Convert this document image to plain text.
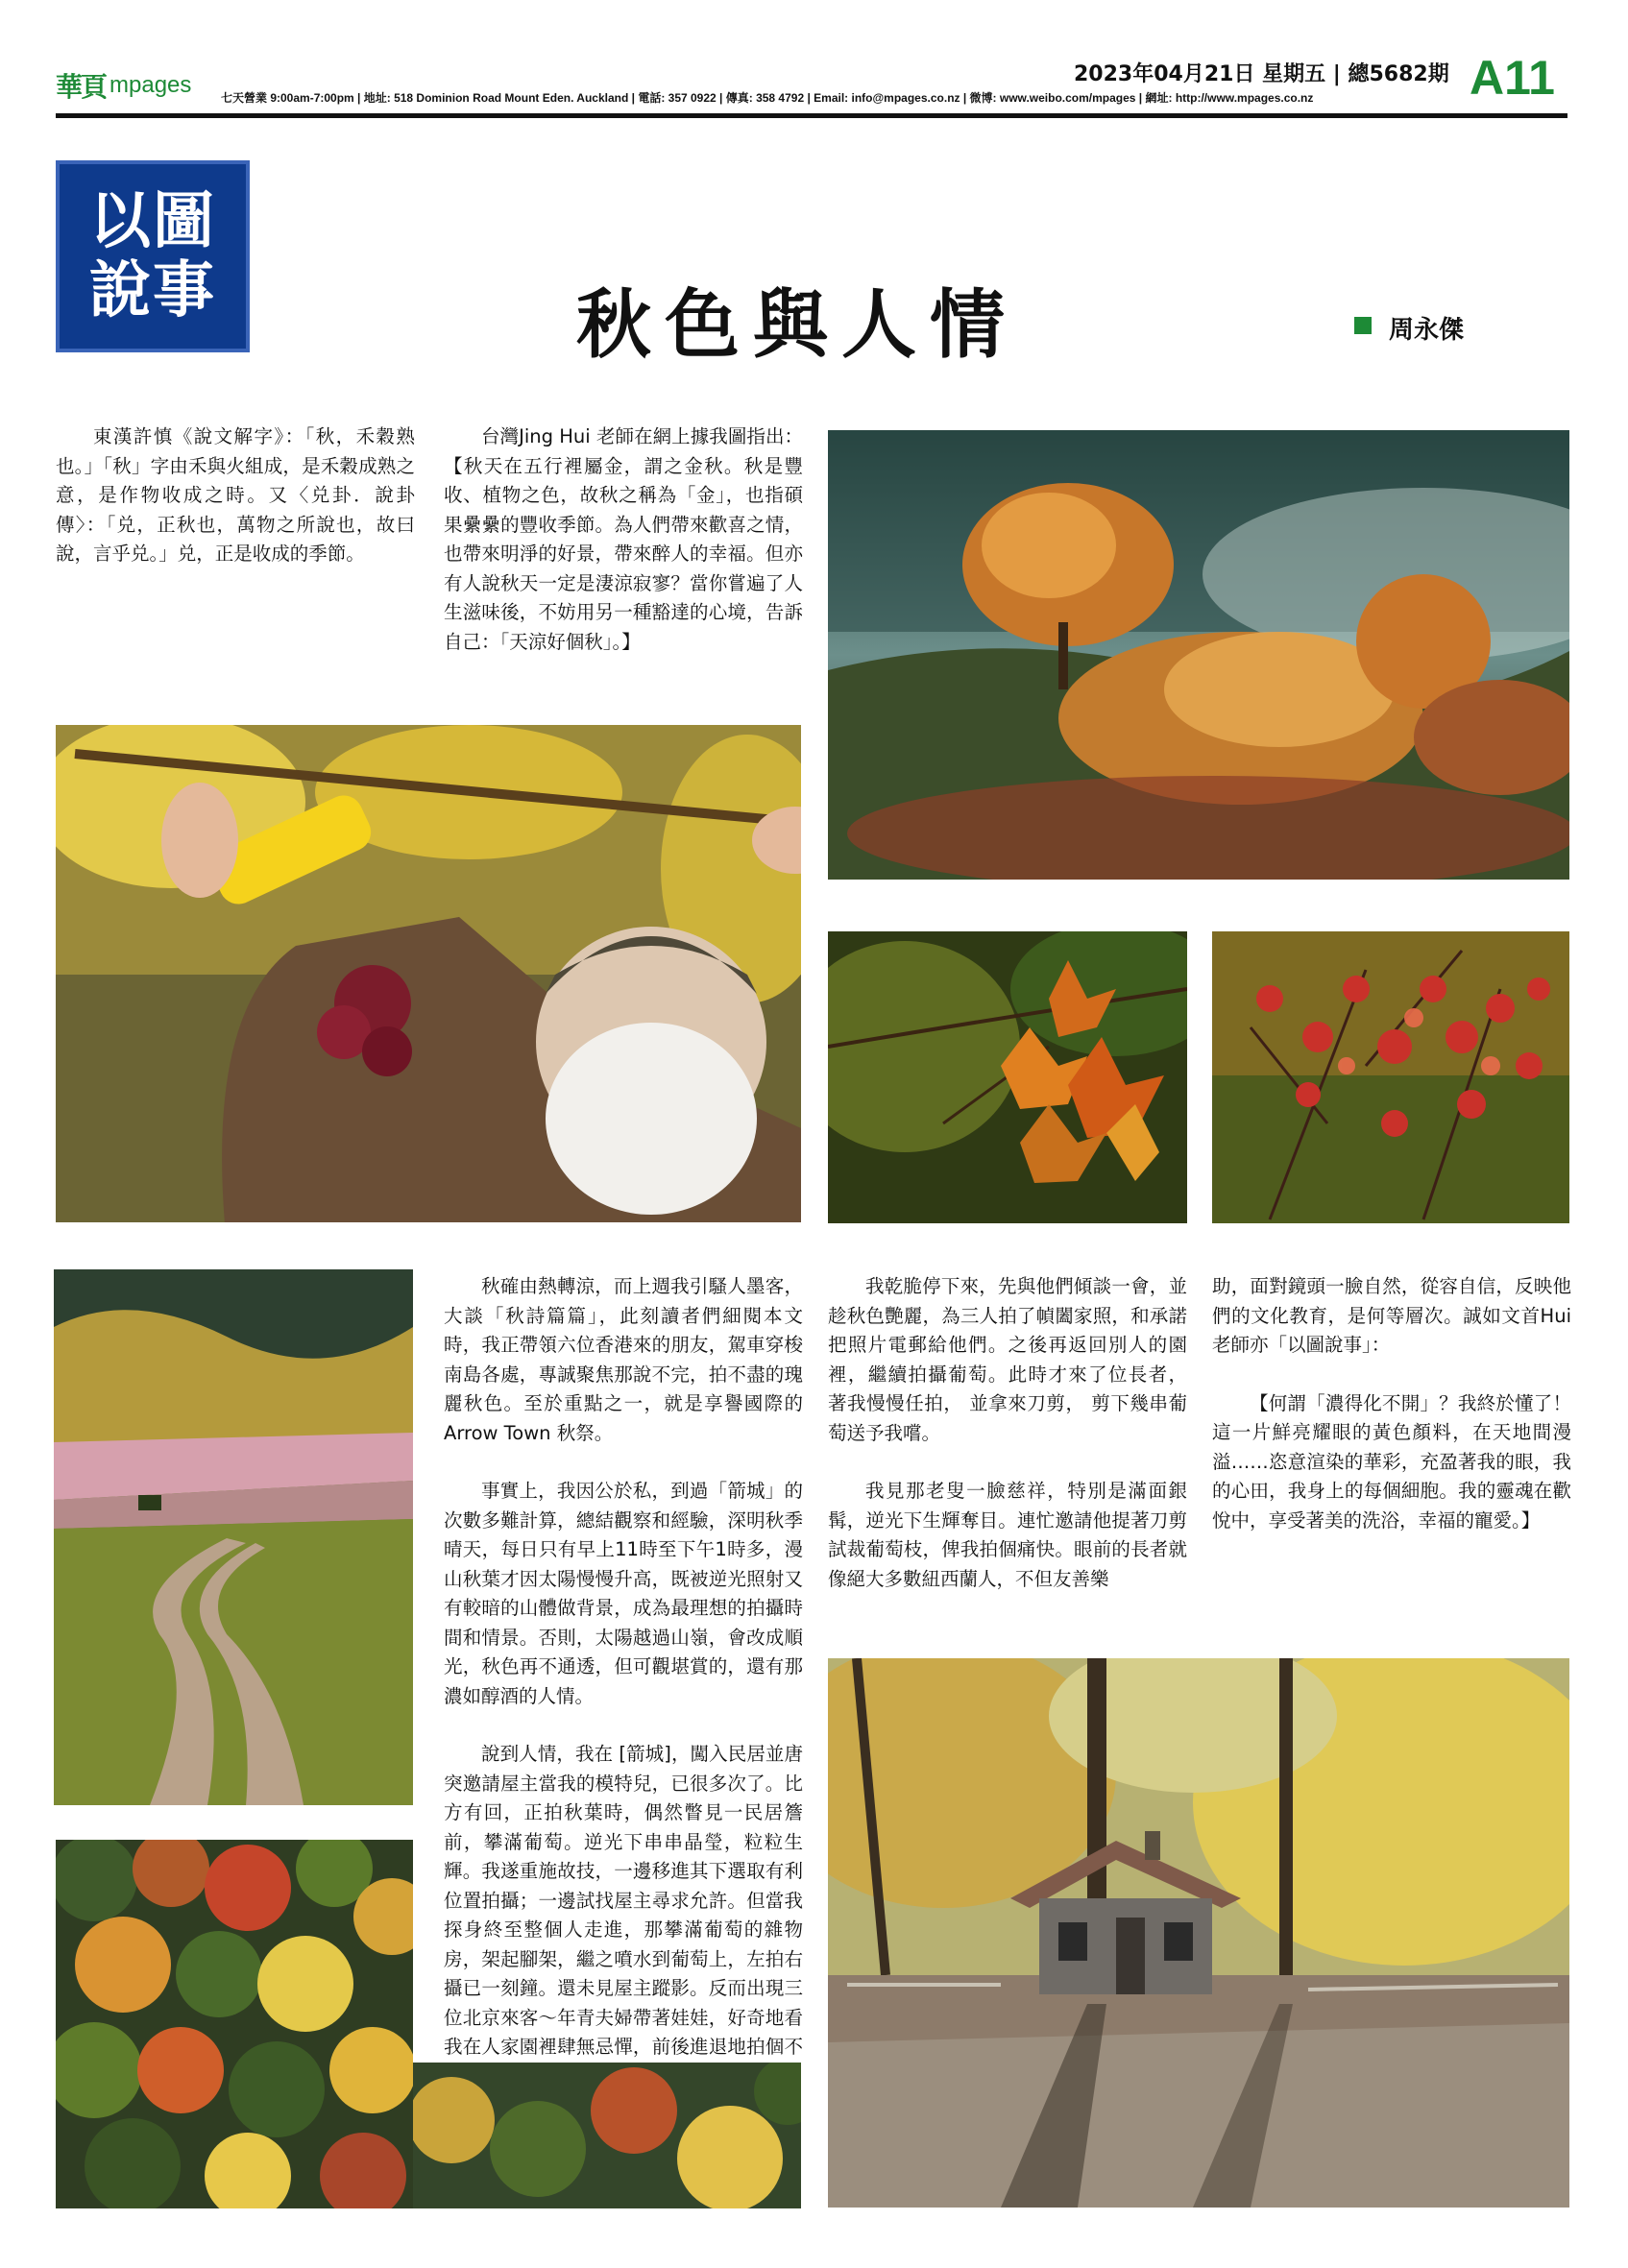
華頁 mpages	七天營業 9:00am-7:00pm | 地址: 518 Dominion Road Mount Eden. Auckland | 電話: 357 0922 | 傳真: 358 4792 | Email: info@mpages.co.nz | 微博: www.weibo.com/mpages | 網址: http://www.mpages.co.nz
2023年04月21日 星期五 | 總5682期 A11
以圖
說事	秋色與人情	周永傑

東漢許慎《說文解字》：「秋，禾穀熟也。」「秋」字由禾與火組成，是禾穀成熟之意，是作物收成之時。又〈兑卦．說卦傳〉：「兑，正秋也，萬物之所說也，故曰說，言乎兑。」兑，正是收成的季節。

台灣Jing Hui 老師在網上據我圖指出：【秋天在五行裡屬金，謂之金秋。秋是豐收、植物之色，故秋之稱為「金」，也指碩果纍纍的豐收季節。為人們帶來歡喜之情，也帶來明淨的好景，帶來醉人的幸福。但亦有人說秋天一定是淒涼寂寥？當你嘗遍了人生滋味後，不妨用另一種豁達的心境，告訴自己：「天涼好個秋」。】

秋確由熱轉涼，而上週我引騷人墨客，大談「秋詩篇篇」，此刻讀者們細閱本文時，我正帶領六位香港來的朋友，駕車穿梭南島各處，專誠聚焦那說不完，拍不盡的瑰麗秋色。至於重點之一，就是享譽國際的 Arrow Town 秋祭。

事實上，我因公於私，到過「箭城」的次數多難計算，總結觀察和經驗，深明秋季晴天，每日只有早上11時至下午1時多，漫山秋葉才因太陽慢慢升高，既被逆光照射又有較暗的山體做背景，成為最理想的拍攝時間和情景。否則，太陽越過山嶺，會改成順光，秋色再不通透，但可觀堪賞的，還有那濃如醇酒的人情。

說到人情，我在 [箭城]，闖入民居並唐突邀請屋主當我的模特兒，已很多次了。比方有回，正拍秋葉時，偶然瞥見一民居簷前，攀滿葡萄。逆光下串串晶瑩，粒粒生輝。我遂重施故技，一邊移進其下選取有利位置拍攝；一邊試找屋主尋求允許。但當我探身終至整個人走進，那攀滿葡萄的雜物房，架起腳架，繼之噴水到葡萄上，左拍右攝已一刻鐘。還未見屋主蹤影。反而出現三位北京來客～年青夫婦帶著娃娃，好奇地看我在人家園裡肆無忌憚，前後進退地拍個不

我乾脆停下來，先與他們傾談一會，並趁秋色艷麗，為三人拍了幀闔家照，和承諾把照片電郵給他們。之後再返回別人的園裡，繼續拍攝葡萄。此時才來了位長者， 著我慢慢任拍， 並拿來刀剪， 剪下幾串葡萄送予我嚐。

我見那老叟一臉慈祥，特別是滿面銀髯，逆光下生輝奪目。連忙邀請他提著刀剪試裁葡萄枝，俾我拍個痛快。眼前的長者就像絕大多數紐西蘭人，不但友善樂

助，面對鏡頭一臉自然，從容自信，反映他們的文化教育，是何等層次。誠如文首Hui 老師亦「以圖說事」：

【何謂「濃得化不開」？我終於懂了！這一片鮮亮耀眼的黃色顏料，在天地間漫溢……恣意渲染的華彩，充盈著我的眼，我的心田，我身上的每個細胞。我的靈魂在歡悅中，享受著美的洗浴，幸福的寵愛。】
